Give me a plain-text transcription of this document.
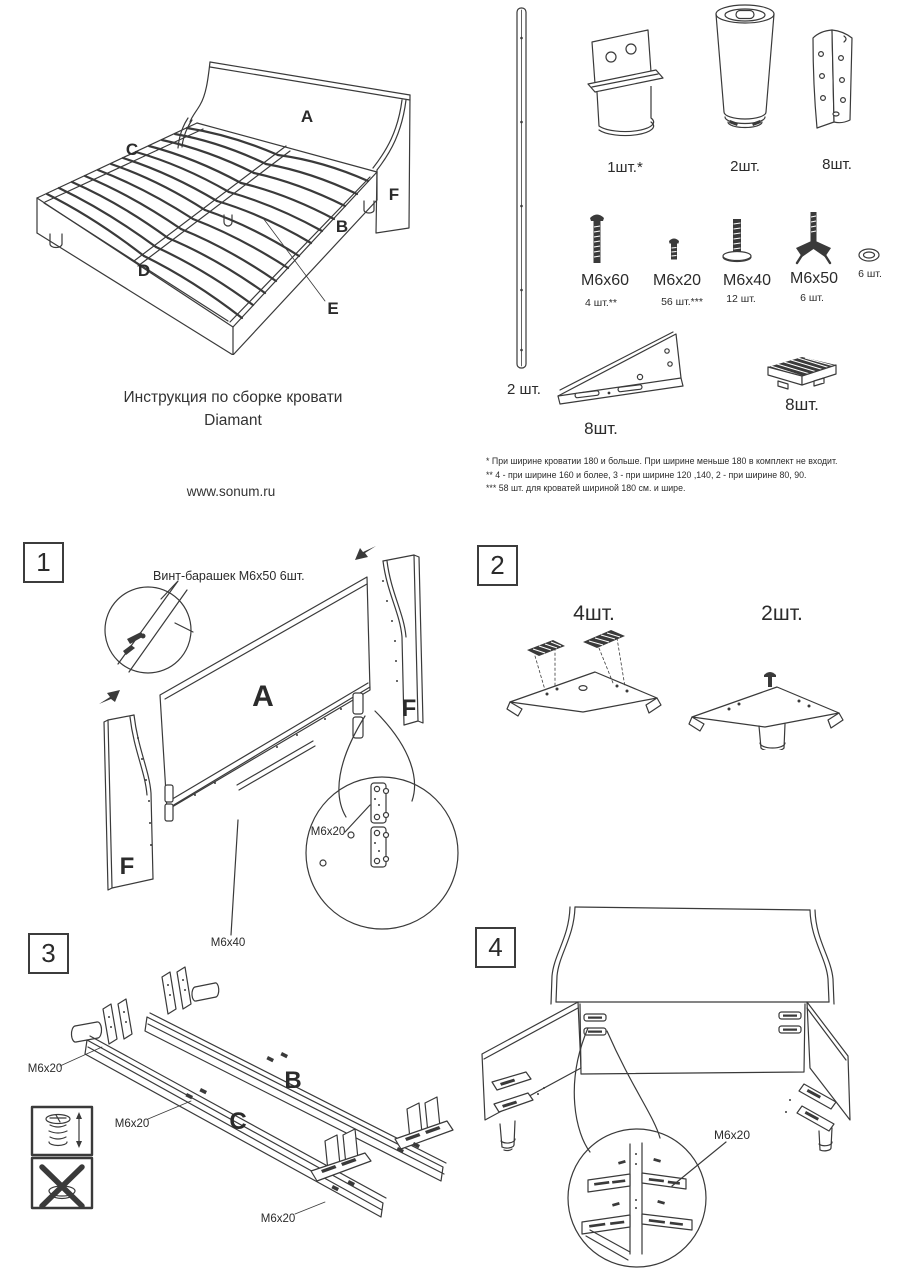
A
C
F
B
D
E
Инструкция по сборке кровати
Diamant
www.sonum.ru
2 шт.
1шт.*	2шт.	8шт.
M6x60
4 шт.**
M6x20
56 шт.***
M6x40
12 шт.
M6x50
6 шт.
6 шт.
8шт.
8шт.
* При ширине кроватии 180 и больше. При ширине меньше 180 в комплект не входит.
** 4 - при ширине 160 и более, 3 - при ширине 120 ,140, 2 - при ширине 80, 90.
*** 58 шт. для кроватей шириной 180 см. и шире.
1	Винт-барашек M6x50 6шт.
A	F
F
M6x20
M6x40
2
4шт.	2шт.
3
B
C
M6x20
M6x20
M6x20
4
M6x20
